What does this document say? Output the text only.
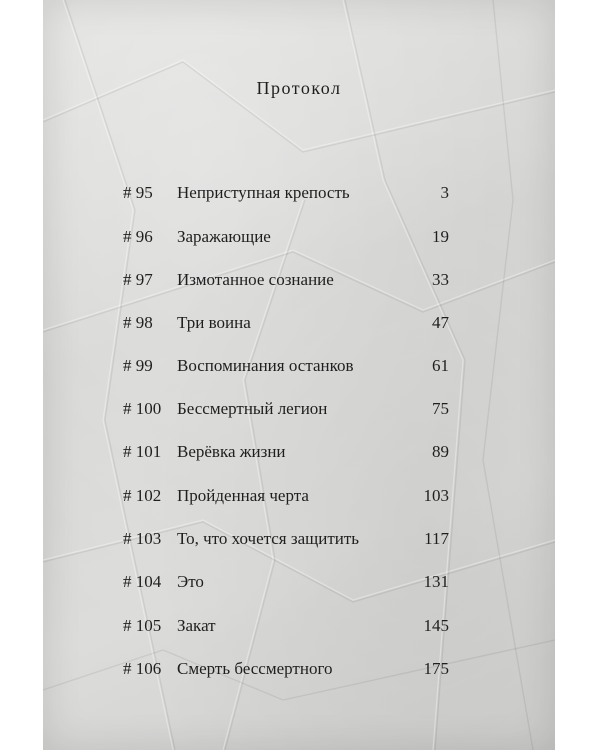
Протокол
# 95 Неприступная крепость	3
# 96 Заражающие	19
# 97 Измотанное сознание	33
# 98 Три воина	47
# 99 Воспоминания останков	61
# 100 Бессмертный легион	75
# 101 Верёвка жизни	89
# 102 Пройденная черта	103
# 103 То, что хочется защитить	117
# 104 Это	131
# 105 Закат	145
# 106 Смерть бессмертного	175
